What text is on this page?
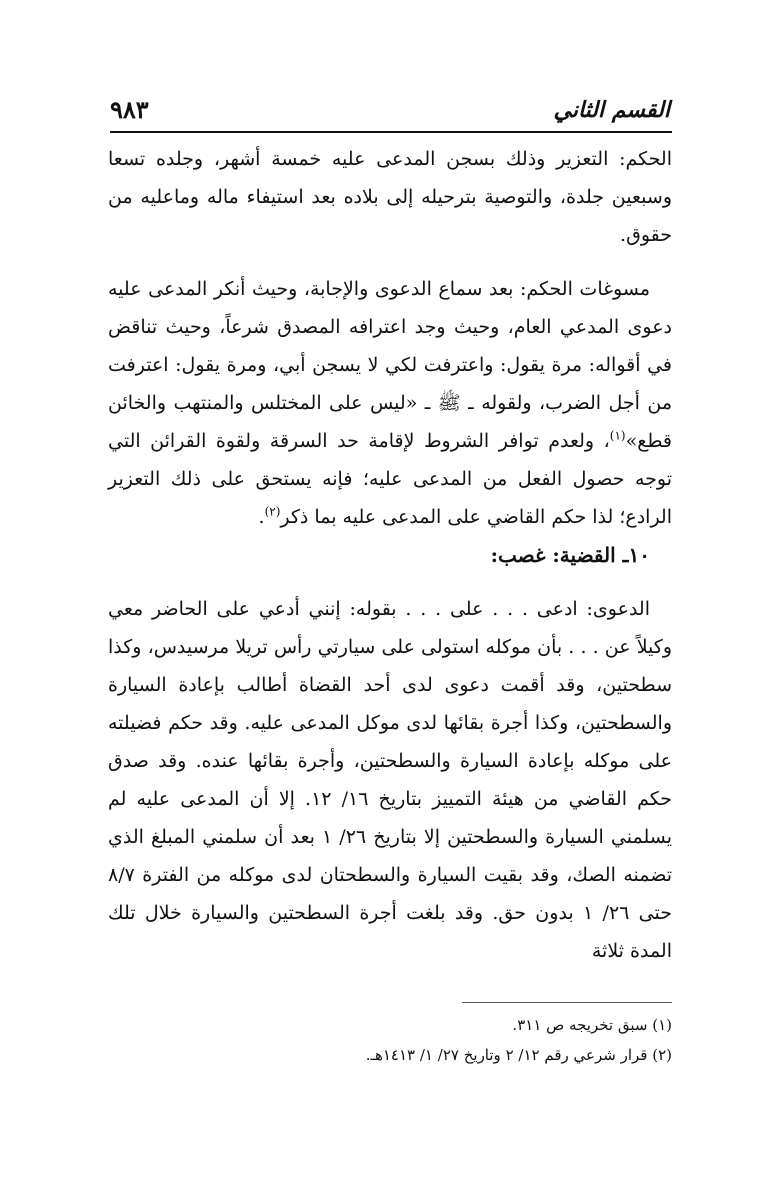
القسم الثاني
٩٨٣

الحكم: التعزير وذلك بسجن المدعى عليه خمسة أشهر، وجلده تسعا وسبعين جلدة، والتوصية بترحيله إلى بلاده بعد استيفاء ماله وماعليه من حقوق.

مسوغات الحكم: بعد سماع الدعوى والإجابة، وحيث أنكر المدعى عليه دعوى المدعي العام، وحيث وجد اعترافه المصدق شرعاً، وحيث تناقض في أقواله: مرة يقول: واعترفت لكي لا يسجن أبي، ومرة يقول: اعترفت من أجل الضرب، ولقوله ـ ﷺ ـ «ليس على المختلس والمنتهب والخائن قطع»$^{(١)}$، ولعدم توافر الشروط لإقامة حد السرقة ولقوة القرائن التي توجه حصول الفعل من المدعى عليه؛ فإنه يستحق على ذلك التعزير الرادع؛ لذا حكم القاضي على المدعى عليه بما ذكر$^{(٢)}$.

١٠ـ القضية: غصب:

الدعوى: ادعى . . . على . . . بقوله: إنني أدعي على الحاضر معي وكيلاً عن . . . بأن موكله استولى على سيارتي رأس تريلا مرسيدس، وكذا سطحتين، وقد أقمت دعوى لدى أحد القضاة أطالب بإعادة السيارة والسطحتين، وكذا أجرة بقائها لدى موكل المدعى عليه. وقد حكم فضيلته على موكله بإعادة السيارة والسطحتين، وأجرة بقائها عنده. وقد صدق حكم القاضي من هيئة التمييز بتاريخ ١٦/ ١٢. إلا أن المدعى عليه لم يسلمني السيارة والسطحتين إلا بتاريخ ٢٦/ ١ بعد أن سلمني المبلغ الذي تضمنه الصك، وقد بقيت السيارة والسطحتان لدى موكله من الفترة ٨/٧ حتى ٢٦/ ١ بدون حق. وقد بلغت أجرة السطحتين والسيارة خلال تلك المدة ثلاثة

(١) سبق تخريجه ص ٣١١.

(٢) قرار شرعي رقم ١٢/ ٢ وتاريخ ٢٧/ ١/ ١٤١٣هـ.
